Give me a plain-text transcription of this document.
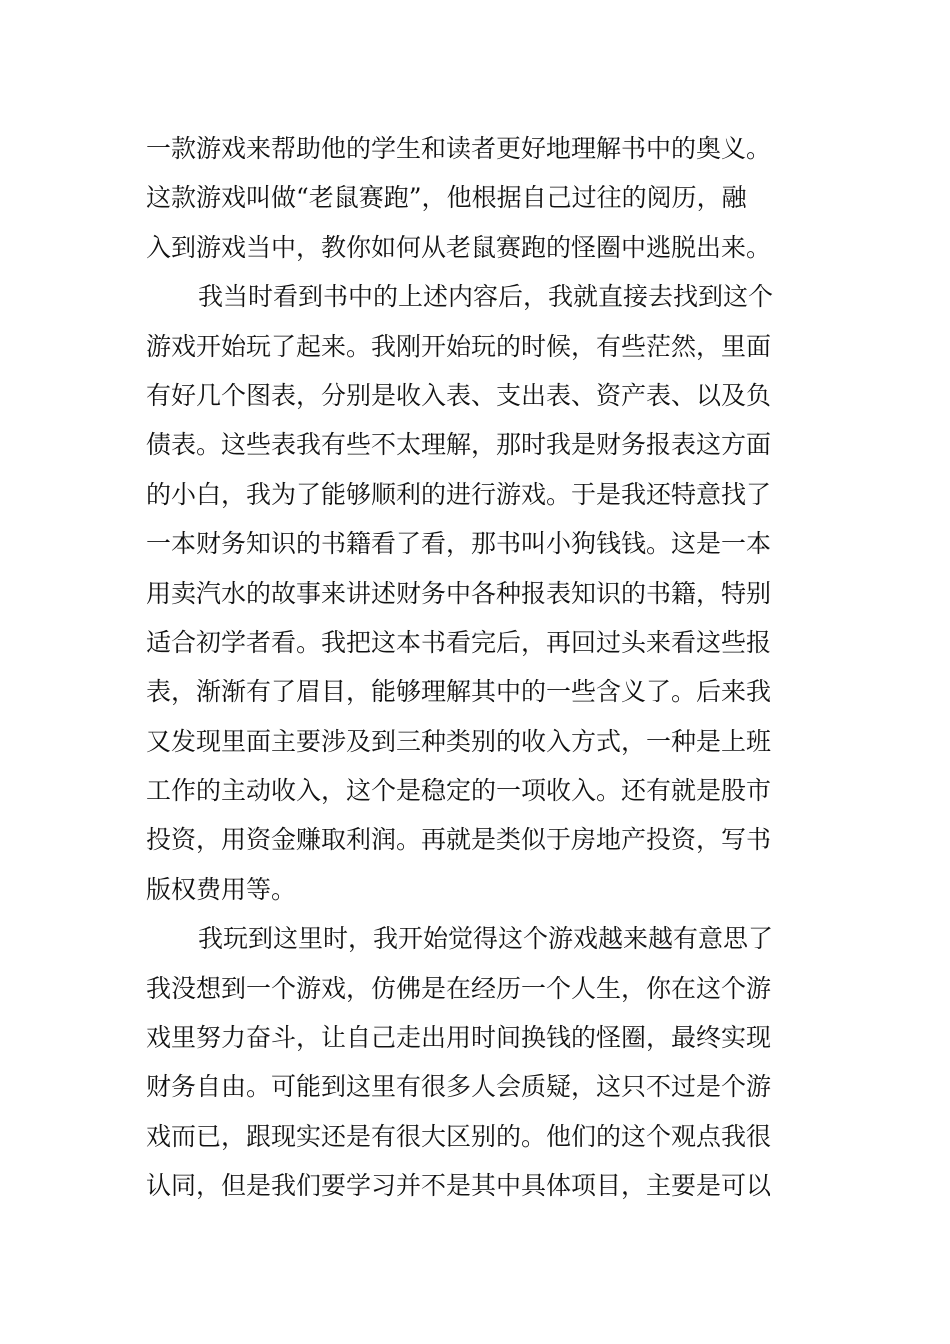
一款游戏来帮助他的学生和读者更好地理解书中的奥义。
这款游戏叫做“老鼠赛跑”，他根据自己过往的阅历，融
入到游戏当中，教你如何从老鼠赛跑的怪圈中逃脱出来。
我当时看到书中的上述内容后，我就直接去找到这个
游戏开始玩了起来。我刚开始玩的时候，有些茫然，里面
有好几个图表，分别是收入表、支出表、资产表、以及负
债表。这些表我有些不太理解，那时我是财务报表这方面
的小白，我为了能够顺利的进行游戏。于是我还特意找了
一本财务知识的书籍看了看，那书叫小狗钱钱。这是一本
用卖汽水的故事来讲述财务中各种报表知识的书籍，特别
适合初学者看。我把这本书看完后，再回过头来看这些报
表，渐渐有了眉目，能够理解其中的一些含义了。后来我
又发现里面主要涉及到三种类别的收入方式，一种是上班
工作的主动收入，这个是稳定的一项收入。还有就是股市
投资，用资金赚取利润。再就是类似于房地产投资，写书
版权费用等。
我玩到这里时，我开始觉得这个游戏越来越有意思了
我没想到一个游戏，仿佛是在经历一个人生，你在这个游
戏里努力奋斗，让自己走出用时间换钱的怪圈，最终实现
财务自由。可能到这里有很多人会质疑，这只不过是个游
戏而已，跟现实还是有很大区别的。他们的这个观点我很
认同，但是我们要学习并不是其中具体项目，主要是可以
